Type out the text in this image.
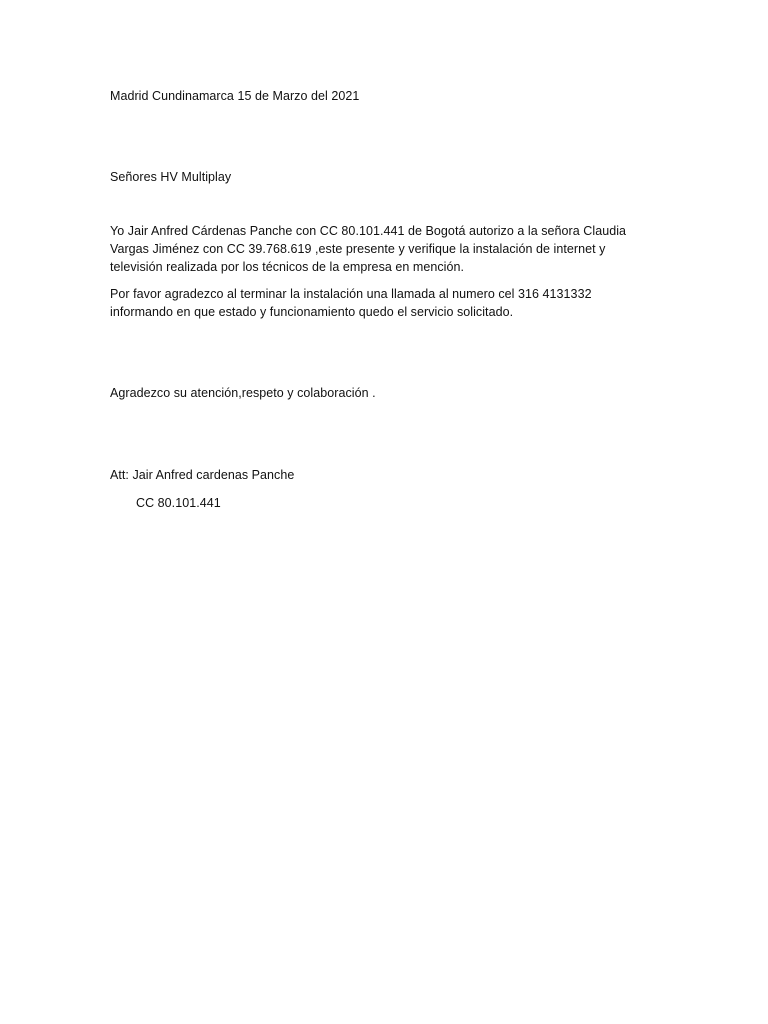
Madrid Cundinamarca 15 de Marzo del 2021
Señores HV Multiplay
Yo Jair Anfred Cárdenas Panche con CC 80.101.441 de Bogotá autorizo a la señora Claudia
Vargas Jiménez con CC 39.768.619 ,este presente y verifique la instalación de internet y
televisión realizada por los técnicos de la empresa en mención.
Por favor agradezco al terminar la instalación una llamada al numero cel 316 4131332
informando en que estado y funcionamiento quedo el servicio solicitado.
Agradezco su atención,respeto y colaboración .
Att: Jair Anfred cardenas Panche
CC 80.101.441
